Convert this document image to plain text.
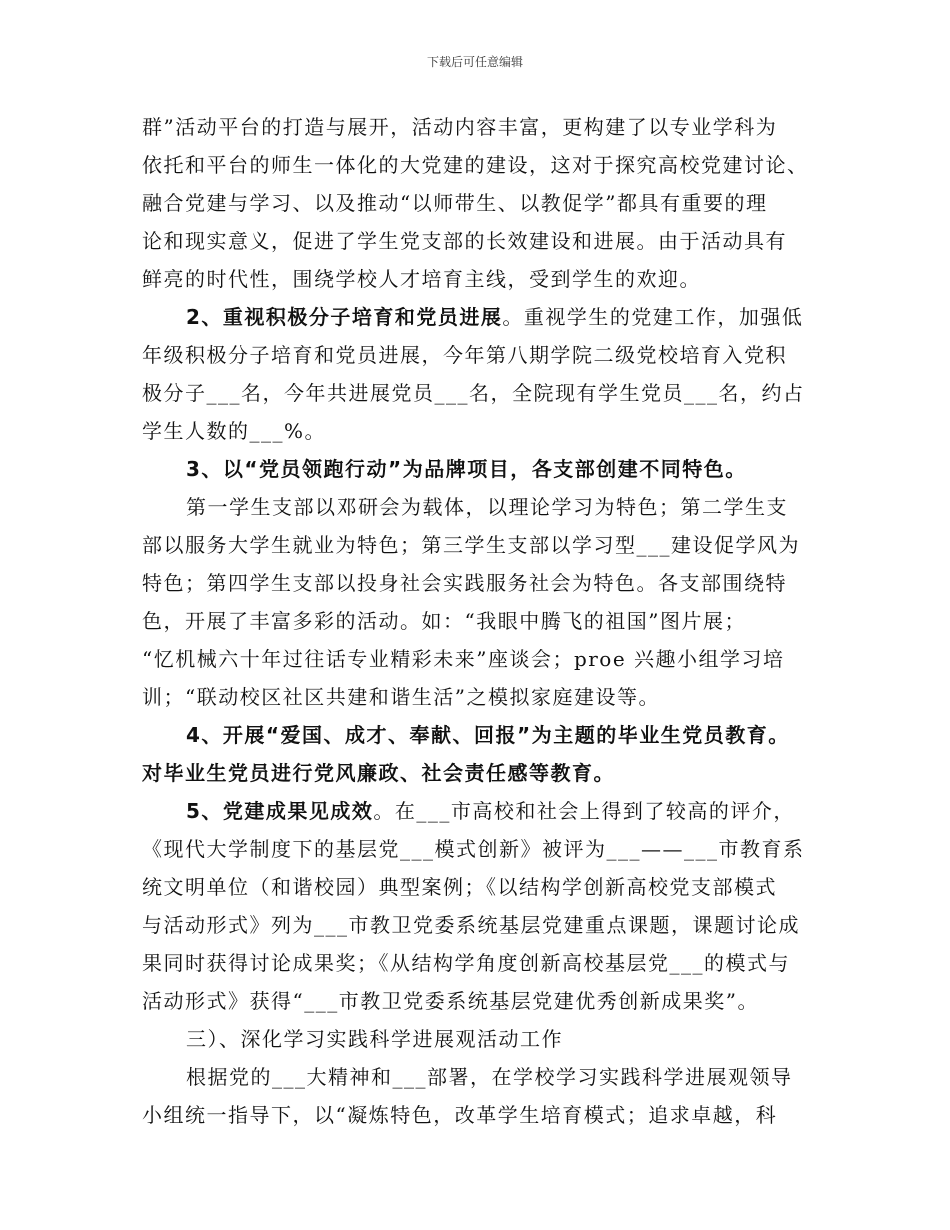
下载后可任意编辑
群”活动平台的打造与展开，活动内容丰富，更构建了以专业学科为
依托和平台的师生一体化的大党建的建设，这对于探究高校党建讨论、
融合党建与学习、以及推动“以师带生、以教促学”都具有重要的理
论和现实意义，促进了学生党支部的长效建设和进展。由于活动具有
鲜亮的时代性，围绕学校人才培育主线，受到学生的欢迎。
2、重视积极分子培育和党员进展。重视学生的党建工作，加强低
年级积极分子培育和党员进展，今年第八期学院二级党校培育入党积
极分子___名，今年共进展党员___名，全院现有学生党员___名，约占
学生人数的___%。
3、以“党员领跑行动”为品牌项目，各支部创建不同特色。
第一学生支部以邓研会为载体，以理论学习为特色；第二学生支
部以服务大学生就业为特色；第三学生支部以学习型___建设促学风为
特色；第四学生支部以投身社会实践服务社会为特色。各支部围绕特
色，开展了丰富多彩的活动。如：“我眼中腾飞的祖国”图片展；
“忆机械六十年过往话专业精彩未来”座谈会；proe 兴趣小组学习培
训；“联动校区社区共建和谐生活”之模拟家庭建设等。
4、开展“爱国、成才、奉献、回报”为主题的毕业生党员教育。
对毕业生党员进行党风廉政、社会责任感等教育。
5、党建成果见成效。在___市高校和社会上得到了较高的评介，
《现代大学制度下的基层党___模式创新》被评为___——___市教育系
统文明单位（和谐校园）典型案例；《以结构学创新高校党支部模式
与活动形式》列为___市教卫党委系统基层党建重点课题，课题讨论成
果同时获得讨论成果奖；《从结构学角度创新高校基层党___的模式与
活动形式》获得“___市教卫党委系统基层党建优秀创新成果奖”。
三）、深化学习实践科学进展观活动工作
根据党的___大精神和___部署，在学校学习实践科学进展观领导
小组统一指导下，以“凝炼特色，改革学生培育模式；追求卓越，科
